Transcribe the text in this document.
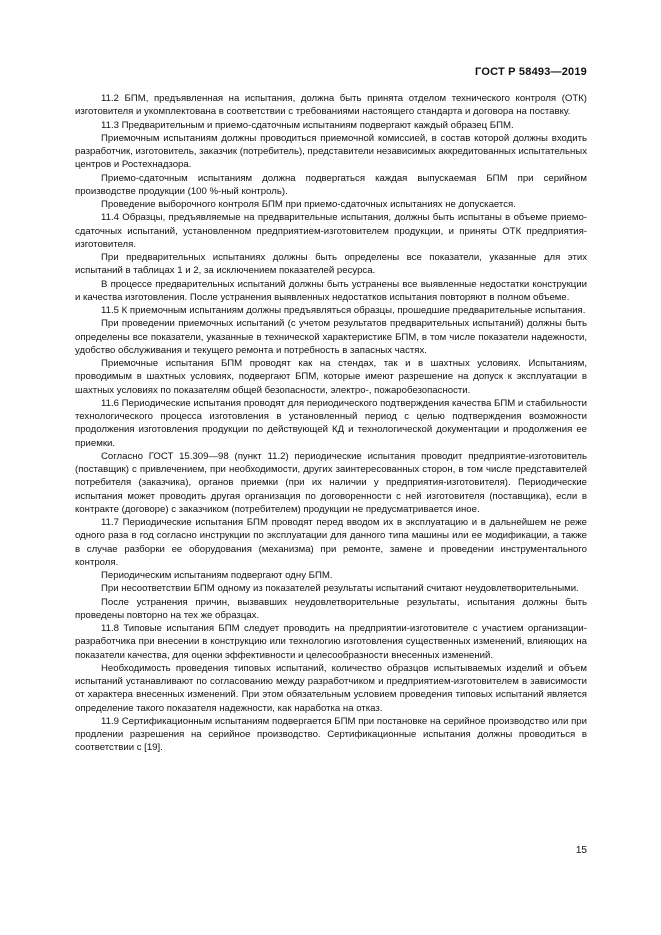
ГОСТ Р 58493—2019

11.2 БПМ, предъявленная на испытания, должна быть принята отделом технического контроля (ОТК) изготовителя и укомплектована в соответствии с требованиями настоящего стандарта и договора на поставку.

11.3 Предварительным и приемо-сдаточным испытаниям подвергают каждый образец БПМ.

Приемочным испытаниям должны проводиться приемочной комиссией, в состав которой должны входить разработчик, изготовитель, заказчик (потребитель), представители независимых аккредитованных испытательных центров и Ростехнадзора.

Приемо-сдаточным испытаниям должна подвергаться каждая выпускаемая БПМ при серийном производстве продукции (100 %-ный контроль).

Проведение выборочного контроля БПМ при приемо-сдаточных испытаниях не допускается.

11.4 Образцы, предъявляемые на предварительные испытания, должны быть испытаны в объеме приемо-сдаточных испытаний, установленном предприятием-изготовителем продукции, и приняты ОТК предприятия-изготовителя.

При предварительных испытаниях должны быть определены все показатели, указанные для этих испытаний в таблицах 1 и 2, за исключением показателей ресурса.

В процессе предварительных испытаний должны быть устранены все выявленные недостатки конструкции и качества изготовления. После устранения выявленных недостатков испытания повторяют в полном объеме.

11.5 К приемочным испытаниям должны предъявляться образцы, прошедшие предварительные испытания.

При проведении приемочных испытаний (с учетом результатов предварительных испытаний) должны быть определены все показатели, указанные в технической характеристике БПМ, в том числе показатели надежности, удобство обслуживания и текущего ремонта и потребность в запасных частях.

Приемочные испытания БПМ проводят как на стендах, так и в шахтных условиях. Испытаниям, проводимым в шахтных условиях, подвергают БПМ, которые имеют разрешение на допуск к эксплуатации в шахтных условиях по показателям общей безопасности, электро-, пожаробезопасности.

11.6 Периодические испытания проводят для периодического подтверждения качества БПМ и стабильности технологического процесса изготовления в установленный период с целью подтверждения возможности продолжения изготовления продукции по действующей КД и технологической документации и продолжения ее приемки.

Согласно ГОСТ 15.309—98 (пункт 11.2) периодические испытания проводит предприятие-изготовитель (поставщик) с привлечением, при необходимости, других заинтересованных сторон, в том числе представителей потребителя (заказчика), органов приемки (при их наличии у предприятия-изготовителя). Периодические испытания может проводить другая организация по договоренности с ней изготовителя (поставщика), если в контракте (договоре) с заказчиком (потребителем) продукции не предусматривается иное.

11.7 Периодические испытания БПМ проводят перед вводом их в эксплуатацию и в дальнейшем не реже одного раза в год согласно инструкции по эксплуатации для данного типа машины или ее модификации, а также в случае разборки ее оборудования (механизма) при ремонте, замене и проведении инструментального контроля.

Периодическим испытаниям подвергают одну БПМ.

При несоответствии БПМ одному из показателей результаты испытаний считают неудовлетворительными.

После устранения причин, вызвавших неудовлетворительные результаты, испытания должны быть проведены повторно на тех же образцах.

11.8 Типовые испытания БПМ следует проводить на предприятии-изготовителе с участием организации-разработчика при внесении в конструкцию или технологию изготовления существенных изменений, влияющих на показатели качества, для оценки эффективности и целесообразности внесенных изменений.

Необходимость проведения типовых испытаний, количество образцов испытываемых изделий и объем испытаний устанавливают по согласованию между разработчиком и предприятием-изготовителем в зависимости от характера внесенных изменений. При этом обязательным условием проведения типовых испытаний является определение такого показателя надежности, как наработка на отказ.

11.9 Сертификационным испытаниям подвергается БПМ при постановке на серийное производство или при продлении разрешения на серийное производство. Сертификационные испытания должны проводиться в соответствии с [19].

15
